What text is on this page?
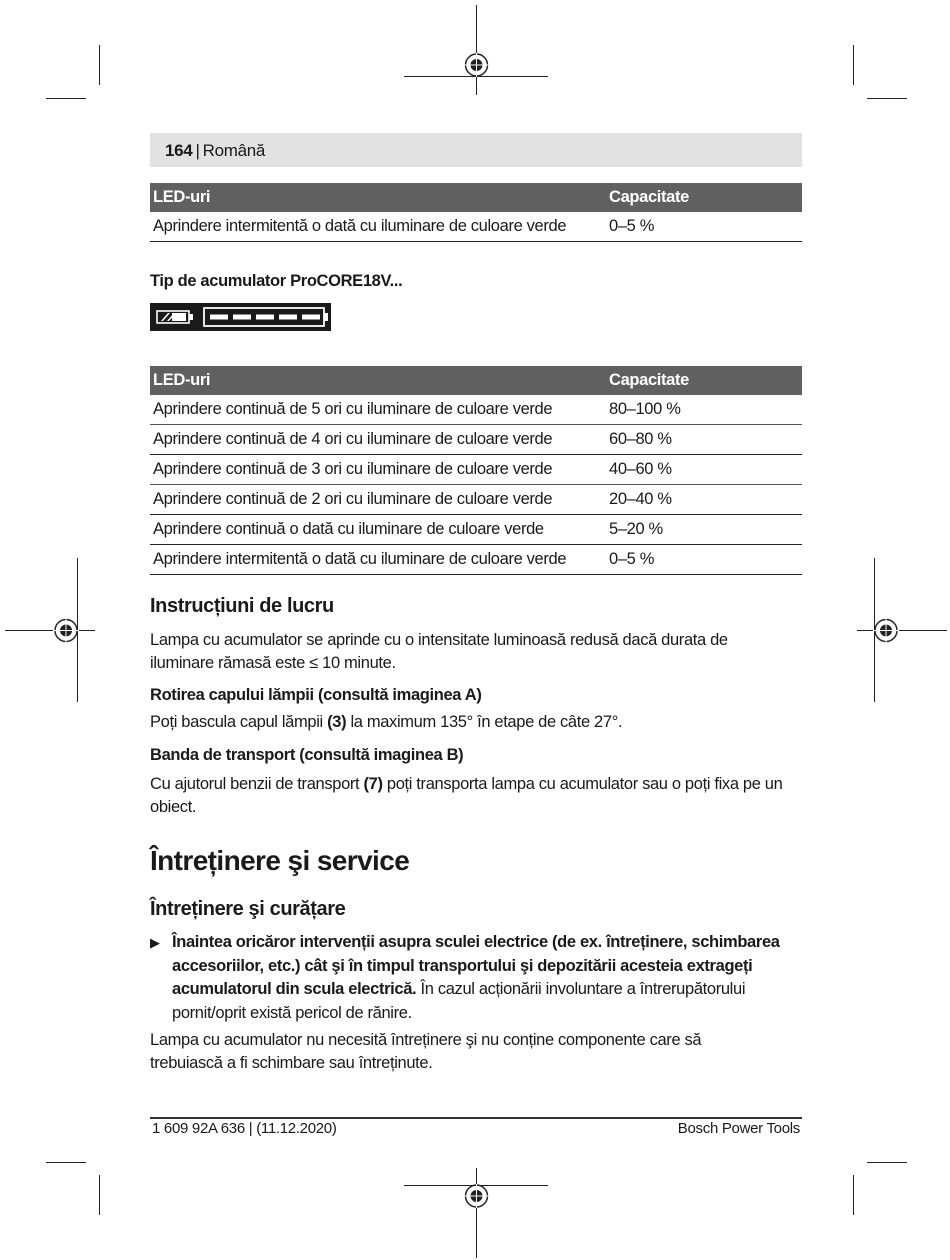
164 | Română
LED-uri	Capacitate
Aprindere intermitentă o dată cu iluminare de culoare verde	0–5 %
Tip de acumulator ProCORE18V...
LED-uri	Capacitate
Aprindere continuă de 5 ori cu iluminare de culoare verde	80–100 %
Aprindere continuă de 4 ori cu iluminare de culoare verde	60–80 %
Aprindere continuă de 3 ori cu iluminare de culoare verde	40–60 %
Aprindere continuă de 2 ori cu iluminare de culoare verde	20–40 %
Aprindere continuă o dată cu iluminare de culoare verde	5–20 %
Aprindere intermitentă o dată cu iluminare de culoare verde	0–5 %
Instrucțiuni de lucru
Lampa cu acumulator se aprinde cu o intensitate luminoasă redusă dacă durata de iluminare rămasă este ≤ 10 minute.
Rotirea capului lămpii (consultă imaginea A)
Poți bascula capul lămpii (3) la maximum 135° în etape de câte 27°.
Banda de transport (consultă imaginea B)
Cu ajutorul benzii de transport (7) poți transporta lampa cu acumulator sau o poți fixa pe un obiect.
Întreținere şi service
Întreținere şi curățare
▶ Înaintea oricăror intervenții asupra sculei electrice (de ex. întreținere, schimbarea accesoriilor, etc.) cât şi în timpul transportului şi depozitării acesteia extrageți acumulatorul din scula electrică. În cazul acționării involuntare a întrerupătorului pornit/oprit există pericol de rănire.
Lampa cu acumulator nu necesită întreținere şi nu conține componente care să trebuiască a fi schimbare sau întreținute.
1 609 92A 636 | (11.12.2020)	Bosch Power Tools
